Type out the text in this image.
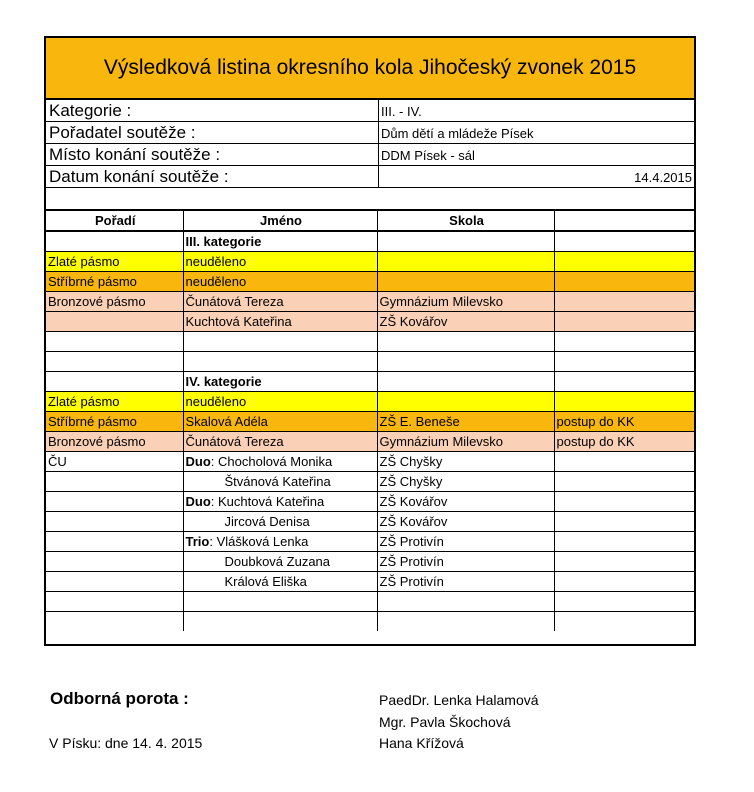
Výsledková listina okresního kola Jihočeský zvonek 2015
Kategorie :	III. - IV.
Pořadatel soutěže :	Dům dětí a mládeže Písek
Místo konání soutěže :	DDM Písek - sál
Datum konání soutěže :	14.4.2015
Pořadí	Jméno	Skola	
	III. kategorie		
Zlaté pásmo	neuděleno		
Stříbrné pásmo	neuděleno		
Bronzové pásmo	Čunátová Tereza	Gymnázium Milevsko	
	Kuchtová Kateřina	ZŠ Kovářov	

	IV. kategorie		
Zlaté pásmo	neuděleno		
Stříbrné pásmo	Skalová Adéla	ZŠ E. Beneše	postup do KK
Bronzové pásmo	Čunátová Tereza	Gymnázium Milevsko	postup do KK
ČU	Duo: Chocholová Monika	ZŠ Chyšky	
	Štvánová Kateřina	ZŠ Chyšky	
	Duo: Kuchtová Kateřina	ZŠ Kovářov	
	Jircová Denisa	ZŠ Kovářov	
	Trio: Vlášková Lenka	ZŠ Protivín	
	Doubková Zuzana	ZŠ Protivín	
	Králová Eliška	ZŠ Protivín	

Odborná porota :
V Písku: dne 14. 4. 2015
PaedDr. Lenka Halamová
Mgr. Pavla Škochová
Hana Křížová
